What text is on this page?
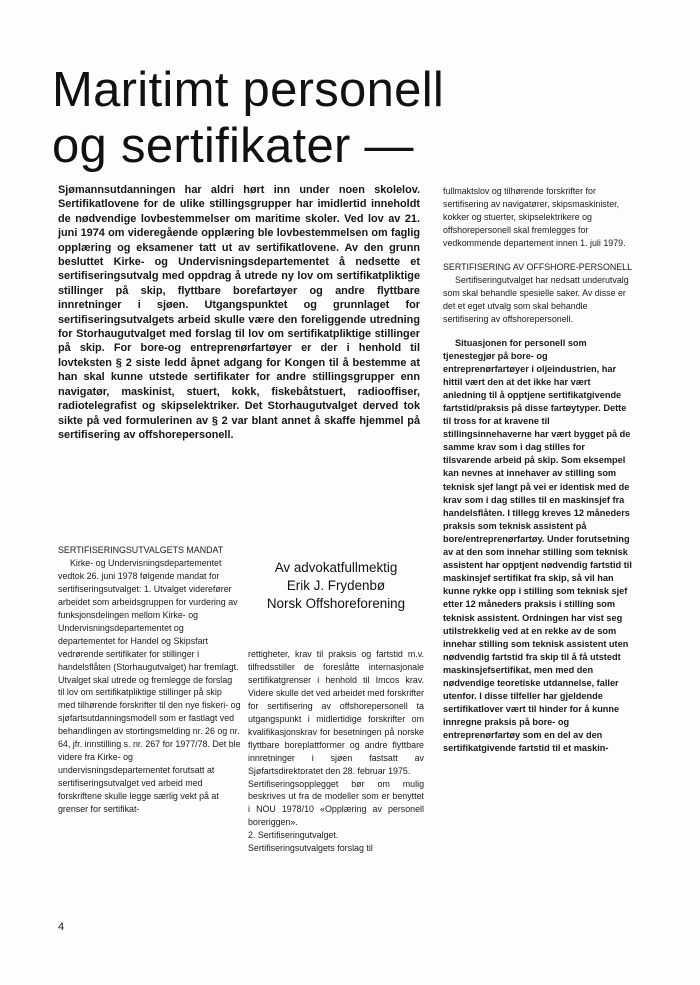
Maritimt personell
og sertifikater —

Sjømannsutdanningen har aldri hørt inn under noen skolelov. Sertifikatlovene for de ulike stillingsgrupper har imidlertid inneholdt de nødvendige lovbestemmelser om maritime skoler. Ved lov av 21. juni 1974 om videregående opplæring ble lovbestemmelsen om faglig opplæring og eksamener tatt ut av sertifikatlovene. Av den grunn besluttet Kirke- og Undervisningsdepartementet å nedsette et sertifiseringsutvalg med oppdrag å utrede ny lov om sertifikatpliktige stillinger på skip, flyttbare borefartøyer og andre flyttbare innretninger i sjøen. Utgangspunktet og grunnlaget for sertifiseringsutvalgets arbeid skulle være den foreliggende utredning for Storhaugutvalget med forslag til lov om sertifikatpliktige stillinger på skip. For bore-og entreprenørfartøyer er der i henhold til lovteksten § 2 siste ledd åpnet adgang for Kongen til å bestemme at han skal kunne utstede sertifikater for andre stillingsgrupper enn navigatør, maskinist, stuert, kokk, fiskebåtstuert, radiooffiser, radiotelegrafist og skipselektriker. Det Storhaugutvalget derved tok sikte på ved formulerinen av § 2 var blant annet å skaffe hjemmel på sertifisering av offshorepersonell.

SERTIFISERINGSUTVALGETS MANDAT

Kirke- og Undervisningsdepartementet vedtok 26. juni 1978 følgende mandat for sertifiseringsutvalget: 1. Utvalget viderefører arbeidet som arbeidsgruppen for vurdering av funksjonsdelingen mellom Kirke- og Undervisningsdepartementet og departementet for Handel og Skipsfart vedrørende sertifikater for stillinger i handelsflåten (Storhaugutvalget) har fremlagt. Utvalget skal utrede og fremlegge de forslag til lov om sertifikatpliktige stillinger på skip med tilhørende forskrifter til den nye fiskeri- og sjøfartsutdanningsmodell som er fastlagt ved behandlingen av stortingsmelding nr. 26 og nr. 64, jfr. innstilling s. nr. 267 for 1977/78. Det ble videre fra Kirke- og undervisningsdepartementet forutsatt at sertifiseringsutvalget ved arbeid med forskriftene skulle legge særlig vekt på at grenser for sertifikat-

Av advokatfullmektig
Erik J. Frydenbø
Norsk Offshoreforening

rettigheter, krav til praksis og fartstid m.v. tilfredsstiller de foreslåtte internasjonale sertifikatgrenser i henhold til Imcos krav. Videre skulle det ved arbeidet med forskrifter for sertifisering av offshorepersonell ta utgangspunkt i midlertidige forskrifter om kvalifikasjonskrav for besetningen på norske flyttbare boreplattformer og andre flyttbare innretninger i sjøen fastsatt av Sjøfartsdirektoratet den 28. februar 1975.

Sertifiseringsopplegget bør om mulig beskrives ut fra de modeller som er benyttet i NOU 1978/10 «Opplæring av personell boreriggen».

2. Sertifiseringutvalget.

Sertifiseringsutvalgets forslag til

fullmaktslov og tilhørende forskrifter for sertifisering av navigatører, skipsmaskinister, kokker og stuerter, skipselektrikere og offshorepersonell skal fremlegges for vedkommende departement innen 1. juli 1979.

SERTIFISERING AV OFFSHORE-PERSONELL

Sertifiseringutvalget har nedsatt underutvalg som skal behandle spesielle saker. Av disse er det et eget utvalg som skal behandle sertifisering av offshorepersonell.

Situasjonen for personell som tjenestegjør på bore- og entreprenørfartøyer i oljeindustrien, har hittil vært den at det ikke har vært anledning til å opptjene sertifikatgivende fartstid/praksis på disse fartøytyper. Dette til tross for at kravene til stillingsinnehaverne har vært bygget på de samme krav som i dag stilles for tilsvarende arbeid på skip. Som eksempel kan nevnes at innehaver av stilling som teknisk sjef langt på vei er identisk med de krav som i dag stilles til en maskinsjef fra handelsflåten. I tillegg kreves 12 måneders praksis som teknisk assistent på bore/entreprenørfartøy. Under forutsetning av at den som innehar stilling som teknisk assistent har opptjent nødvendig fartstid til maskinsjef sertifikat fra skip, så vil han kunne rykke opp i stilling som teknisk sjef etter 12 måneders praksis i stilling som teknisk assistent. Ordningen har vist seg utilstrekkelig ved at en rekke av de som innehar stilling som teknisk assistent uten nødvendig fartstid fra skip til å få utstedt maskinsjefsertifikat, men med den nødvendige teoretiske utdannelse, faller utenfor. I disse tilfeller har gjeldende sertifikatlover vært til hinder for å kunne innregne praksis på bore- og entreprenørfartøy som en del av den sertifikatgivende fartstid til et maskin-

4
